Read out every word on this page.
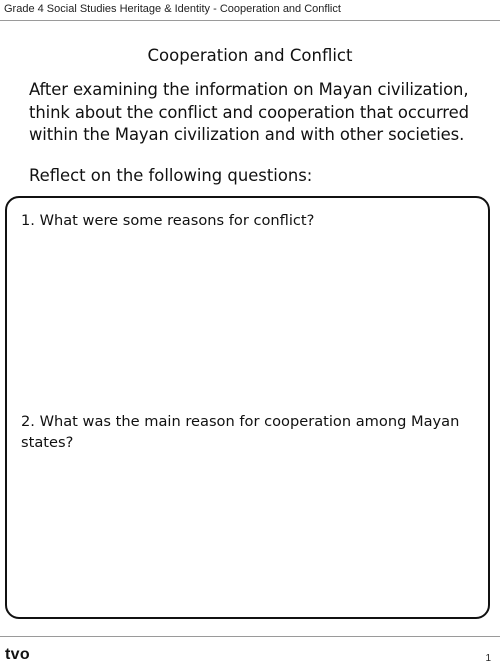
Grade 4 Social Studies Heritage & Identity - Cooperation and Conflict
Cooperation and Conflict
After examining the information on Mayan civilization, think about the conflict and cooperation that occurred within the Mayan civilization and with other societies.
Reflect on the following questions:
1. What were some reasons for conflict?
2. What was the main reason for cooperation among Mayan states?
tvo	1
